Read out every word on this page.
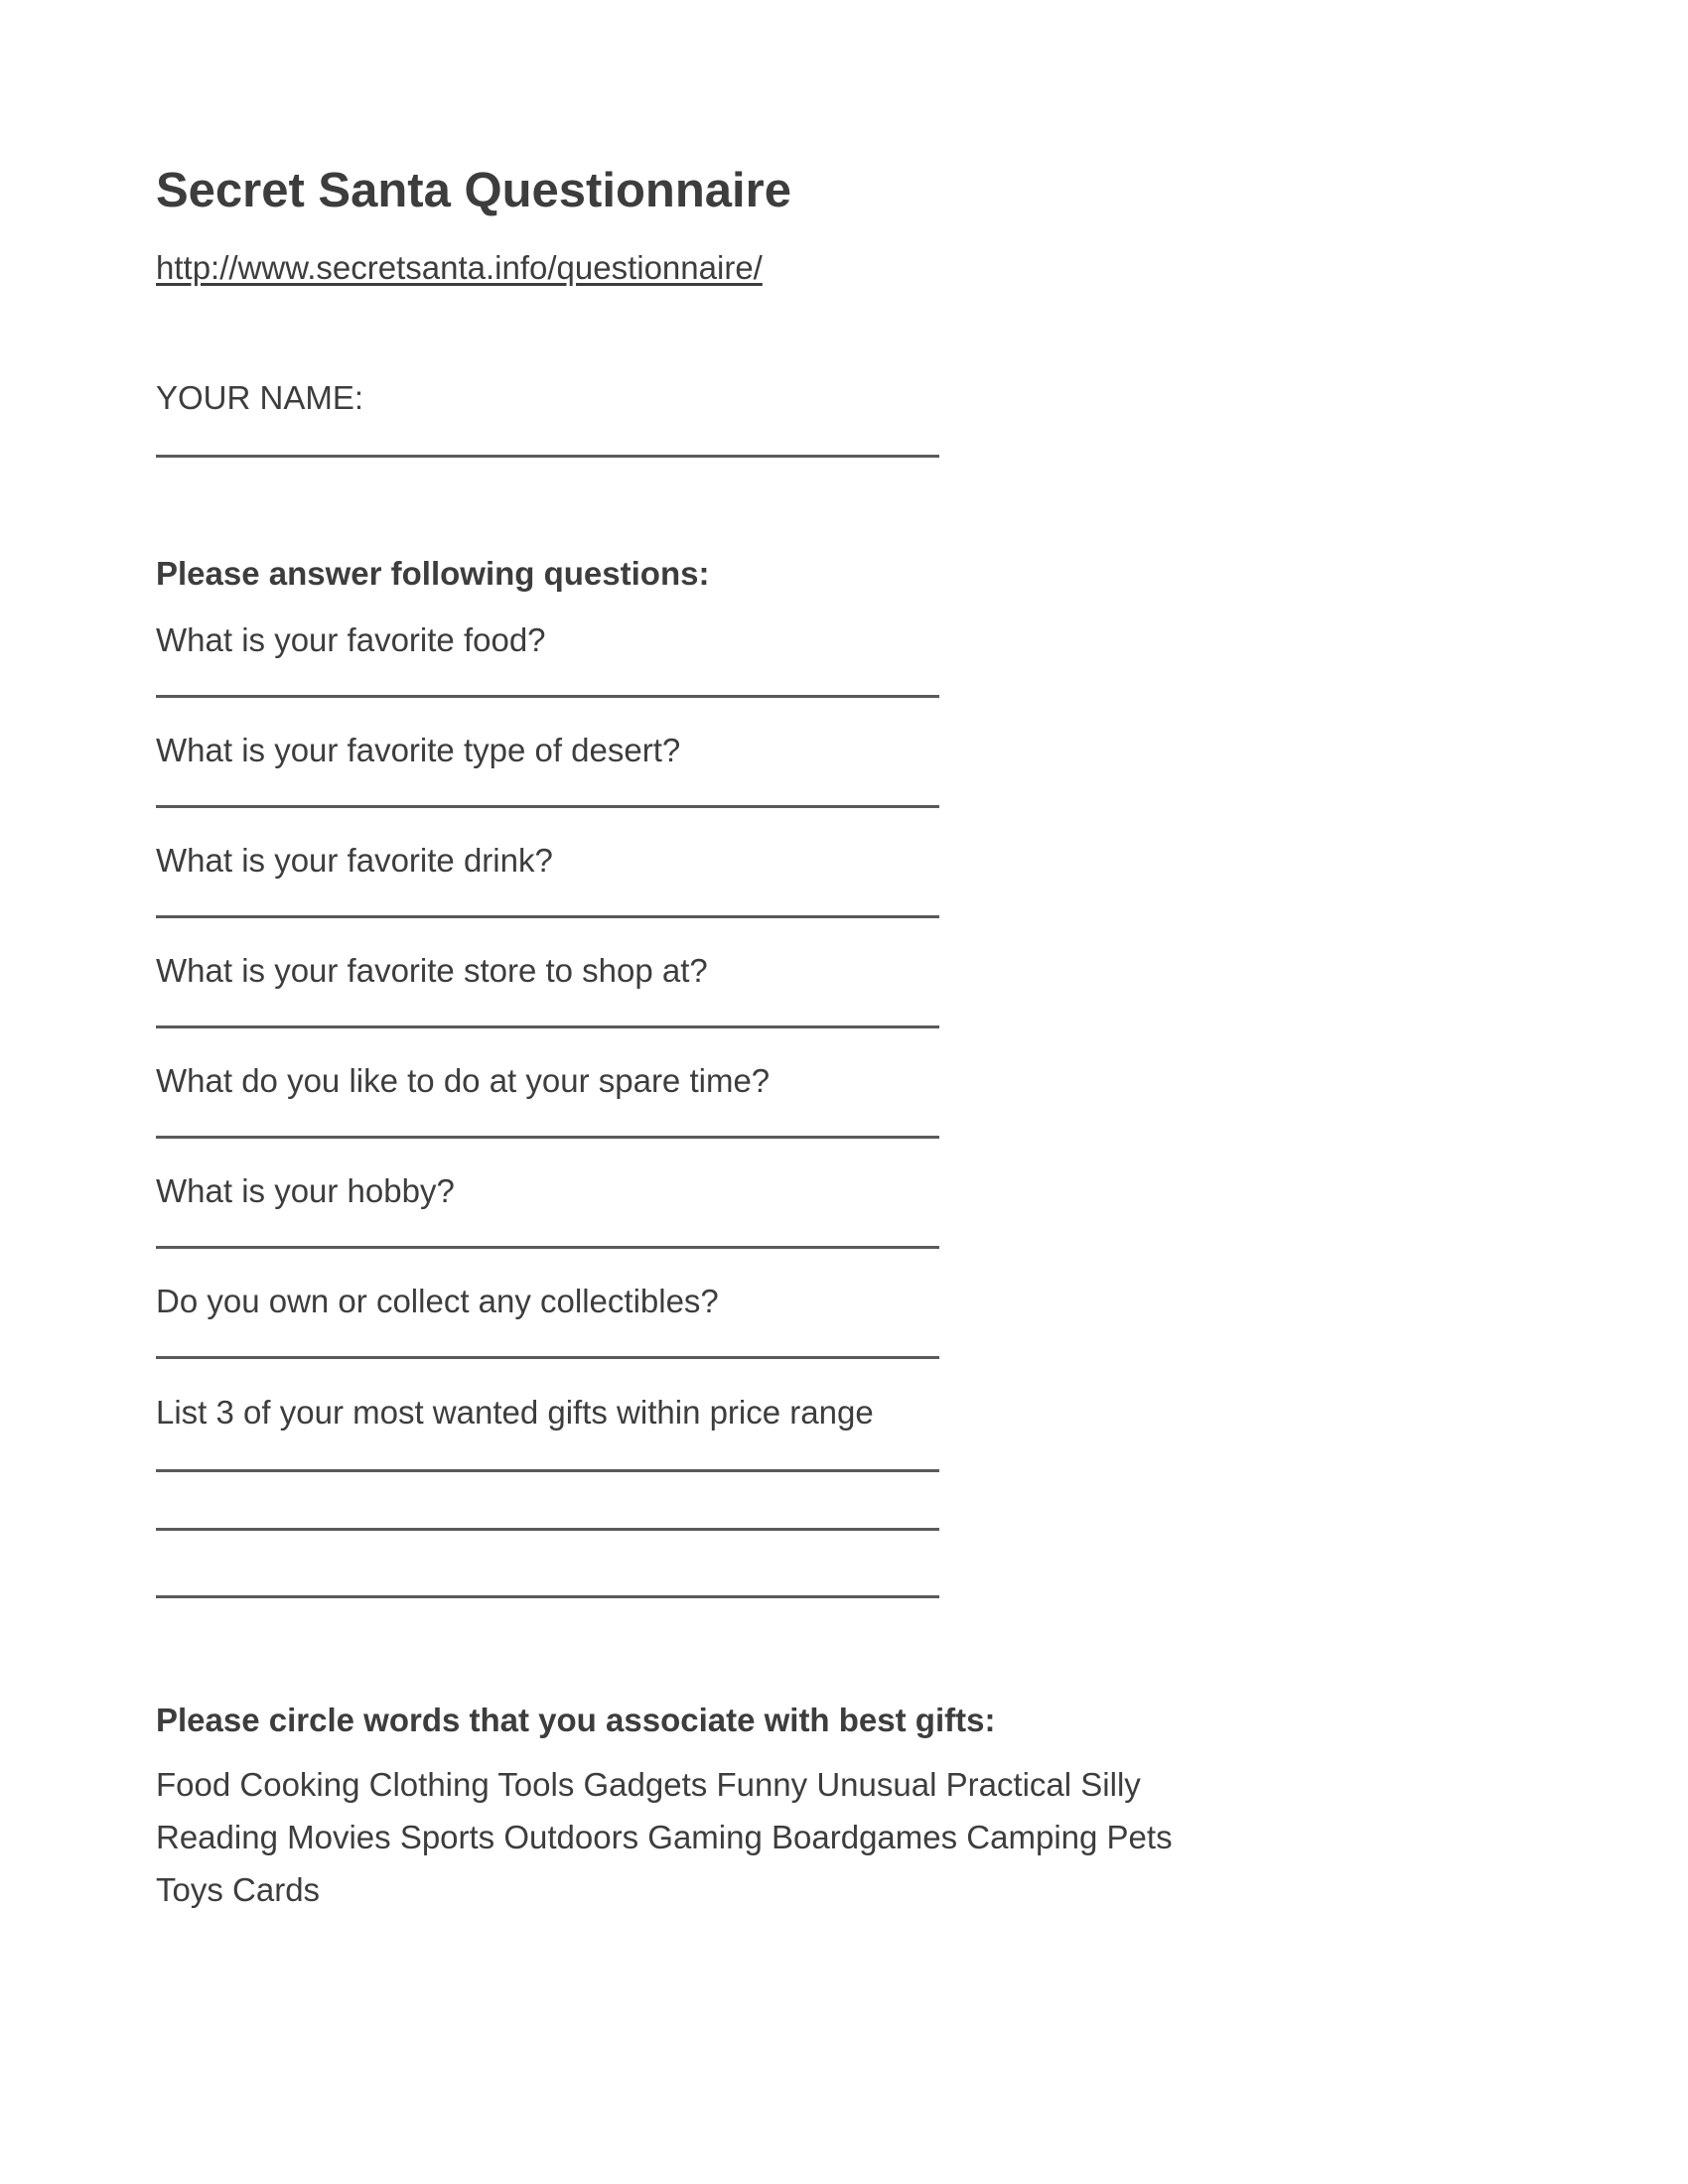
Secret Santa Questionnaire
http://www.secretsanta.info/questionnaire/
YOUR NAME:
Please answer following questions:
What is your favorite food?
What is your favorite type of desert?
What is your favorite drink?
What is your favorite store to shop at?
What do you like to do at your spare time?
What is your hobby?
Do you own or collect any collectibles?
List 3 of your most wanted gifts within price range
Please circle words that you associate with best gifts:
Food Cooking Clothing Tools Gadgets Funny Unusual Practical Silly
Reading Movies Sports Outdoors Gaming Boardgames Camping Pets
Toys Cards
